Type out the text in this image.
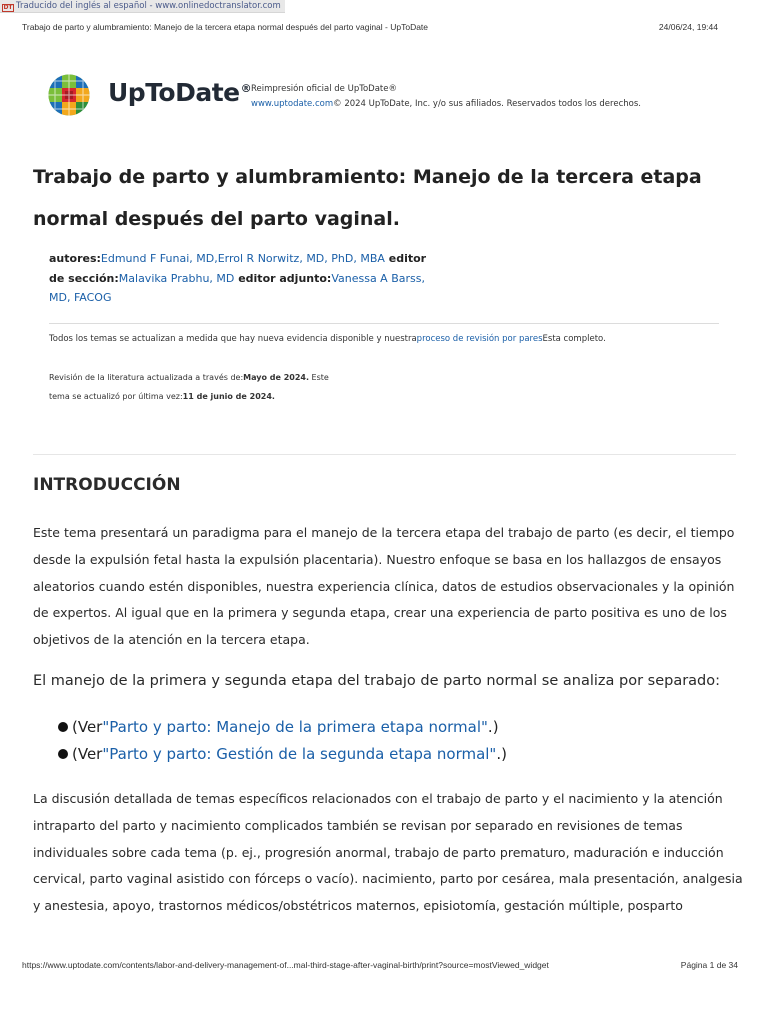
DT Traducido del inglés al español - www.onlinedoctranslator.com
Trabajo de parto y alumbramiento: Manejo de la tercera etapa normal después del parto vaginal - UpToDate	24/06/24, 19:44
UpToDate® Reimpresión oficial de UpToDate®
www.uptodate.com© 2024 UpToDate, Inc. y/o sus afiliados. Reservados todos los derechos.
Trabajo de parto y alumbramiento: Manejo de la tercera etapa normal después del parto vaginal.
autores:Edmund F Funai, MD,Errol R Norwitz, MD, PhD, MBA editor de sección:Malavika Prabhu, MD editor adjunto:Vanessa A Barss, MD, FACOG
Todos los temas se actualizan a medida que hay nueva evidencia disponible y nuestraproceso de revisión por paresEsta completo.
Revisión de la literatura actualizada a través de:Mayo de 2024. Este
tema se actualizó por última vez:11 de junio de 2024.
INTRODUCCIÓN

Este tema presentará un paradigma para el manejo de la tercera etapa del trabajo de parto (es decir, el tiempo desde la expulsión fetal hasta la expulsión placentaria). Nuestro enfoque se basa en los hallazgos de ensayos aleatorios cuando estén disponibles, nuestra experiencia clínica, datos de estudios observacionales y la opinión de expertos. Al igual que en la primera y segunda etapa, crear una experiencia de parto positiva es uno de los objetivos de la atención en la tercera etapa.

El manejo de la primera y segunda etapa del trabajo de parto normal se analiza por separado:

(Ver"Parto y parto: Manejo de la primera etapa normal".)
(Ver"Parto y parto: Gestión de la segunda etapa normal".)

La discusión detallada de temas específicos relacionados con el trabajo de parto y el nacimiento y la atención intraparto del parto y nacimiento complicados también se revisan por separado en revisiones de temas individuales sobre cada tema (p. ej., progresión anormal, trabajo de parto prematuro, maduración e inducción cervical, parto vaginal asistido con fórceps o vacío). nacimiento, parto por cesárea, mala presentación, analgesia y anestesia, apoyo, trastornos médicos/obstétricos maternos, episiotomía, gestación múltiple, posparto

https://www.uptodate.com/contents/labor-and-delivery-management-of...mal-third-stage-after-vaginal-birth/print?source=mostViewed_widget	Página 1 de 34
